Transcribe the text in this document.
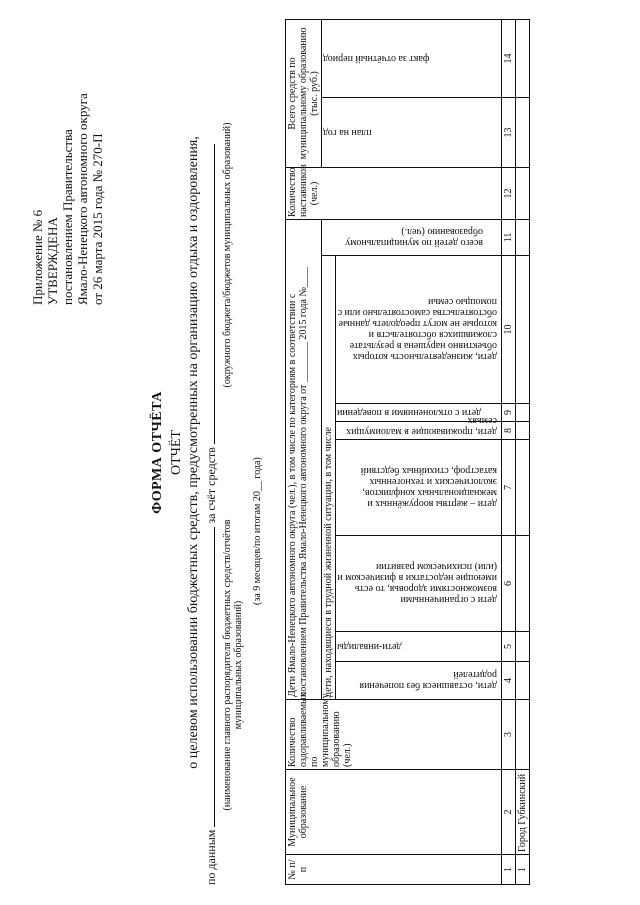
Приложение № 6 УТВЕРЖДЕНА постановлением Правительства Ямало-Ненецкого автономного округа от 26 марта 2015 года № 270-П
ФОРМА ОТЧЁТА ОТЧЁТ о целевом использовании бюджетных средств, предусмотренных на организацию отдыха и оздоровления,
по данным  за счёт средств
(наименование главного распорядителя бюджетных средств/отчётов муниципальных образований)
(окружного бюджета/бюджетов муниципальных образований)
(за 9 месяцев/по итогам 20__ года)
№ п/п	Муниципальное образование	Количество оздоравливаемых по муниципальному образованию (чел.)	Дети Ямало-Ненецкого автономного округа (чел.), в том числе по категориям в соответствии с постановлением Правительства Ямало-Ненецкого автономного округа от ________ 2015 года №____								Количество наставников (чел.)	Всего средств по муниципальному образованию (тыс. руб.)	
			дети, находящиеся в трудной жизненной ситуации, в том числе							всего детей по муниципальному образованию (чел.)		план на год	факт за отчётный период
			дети, оставшиеся без попечения родителей	дети-инвалиды	дети с ограниченными возможностями здоровья, то есть имеющие недостатки в физическом и (или) психическом развитии	дети – жертвы вооружённых и межнациональных конфликтов, экологических и техногенных катастроф, стихийных бедствий	дети, проживающие в малоимущих семьях	дети с отклонениями в поведении	дети, жизнедеятельность которых объективно нарушена в результате сложившихся обстоятельств и которые не могут преодолеть данные обстоятельства самостоятельно или с помощью семьи				
1	2	3	4	5	6	7	8	9	10	11	12	13	14
1	Город Губкинский												
